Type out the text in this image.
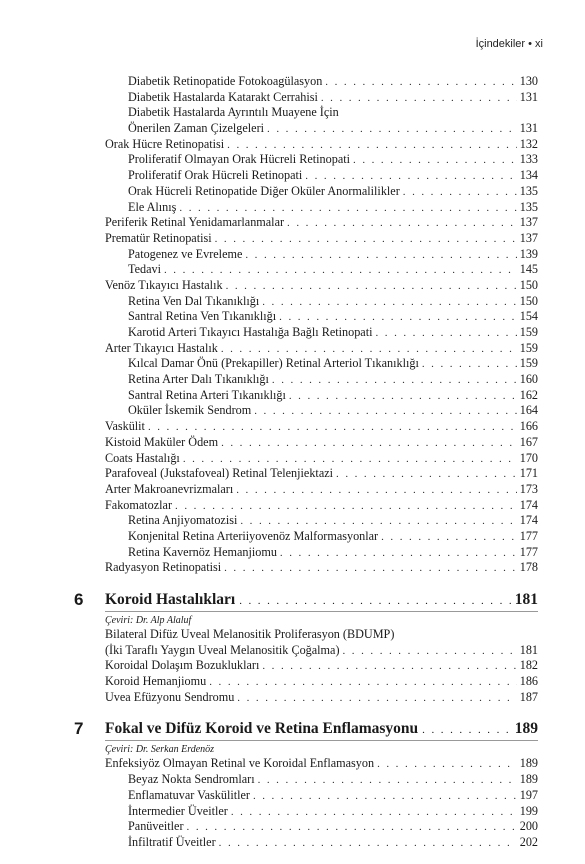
İçindekiler • xi
Diabetik Retinopatide Fotokoagülasyon . . .	130
Diabetik Hastalarda Katarakt Cerrahisi . . .	131
Diabetik Hastalarda Ayrıntılı Muayene İçin
Önerilen Zaman Çizelgeleri . . .	131
Orak Hücre Retinopatisi . . .	132
Proliferatif Olmayan Orak Hücreli Retinopati . . .	133
Proliferatif Orak Hücreli Retinopati . . .	134
Orak Hücreli Retinopatide Diğer Oküler Anormalilikler . . .	135
Ele Alınış . . .	135
Periferik Retinal Yenidamarlanmalar . . .	137
Prematür Retinopatisi . . .	137
Patogenez ve Evreleme . . .	139
Tedavi . . .	145
Venöz Tıkayıcı Hastalık . . .	150
Retina Ven Dal Tıkanıklığı . . .	150
Santral Retina Ven Tıkanıklığı . . .	154
Karotid Arteri Tıkayıcı Hastalığa Bağlı Retinopati . . .	159
Arter Tıkayıcı Hastalık . . .	159
Kılcal Damar Önü (Prekapiller) Retinal Arteriol Tıkanıklığı . . .	159
Retina Arter Dalı Tıkanıklığı . . .	160
Santral Retina Arteri Tıkanıklığı . . .	162
Oküler İskemik Sendrom . . .	164
Vaskülit . . .	166
Kistoid Maküler Ödem . . .	167
Coats Hastalığı . . .	170
Parafoveal (Jukstafoveal) Retinal Telenjiektazi . . .	171
Arter Makroanevrizmaları . . .	173
Fakomatozlar . . .	174
Retina Anjiyomatozisi . . .	174
Konjenital Retina Arteriiyovenöz Malformasyonlar . . .	177
Retina Kavernöz Hemanjiomu . . .	177
Radyasyon Retinopatisi . . .	178
6 Koroid Hastalıkları . . .	181
Çeviri: Dr. Alp Alaluf
Bilateral Difüz Uveal Melanositik Proliferasyon (BDUMP)
(İki Taraflı Yaygın Uveal Melanositik Çoğalma) . . .	181
Koroidal Dolaşım Bozuklukları . . .	182
Koroid Hemanjiomu . . .	186
Uvea Efüzyonu Sendromu . . .	187
7 Fokal ve Difüz Koroid ve Retina Enflamasyonu . . .	189
Çeviri: Dr. Serkan Erdenöz
Enfeksiyöz Olmayan Retinal ve Koroidal Enflamasyon . . .	189
Beyaz Nokta Sendromları . . .	189
Enflamatuvar Vaskülitler . . .	197
İntermedier Üveitler . . .	199
Panüveitler . . .	200
İnfiltratif Üveitler . . .	202
